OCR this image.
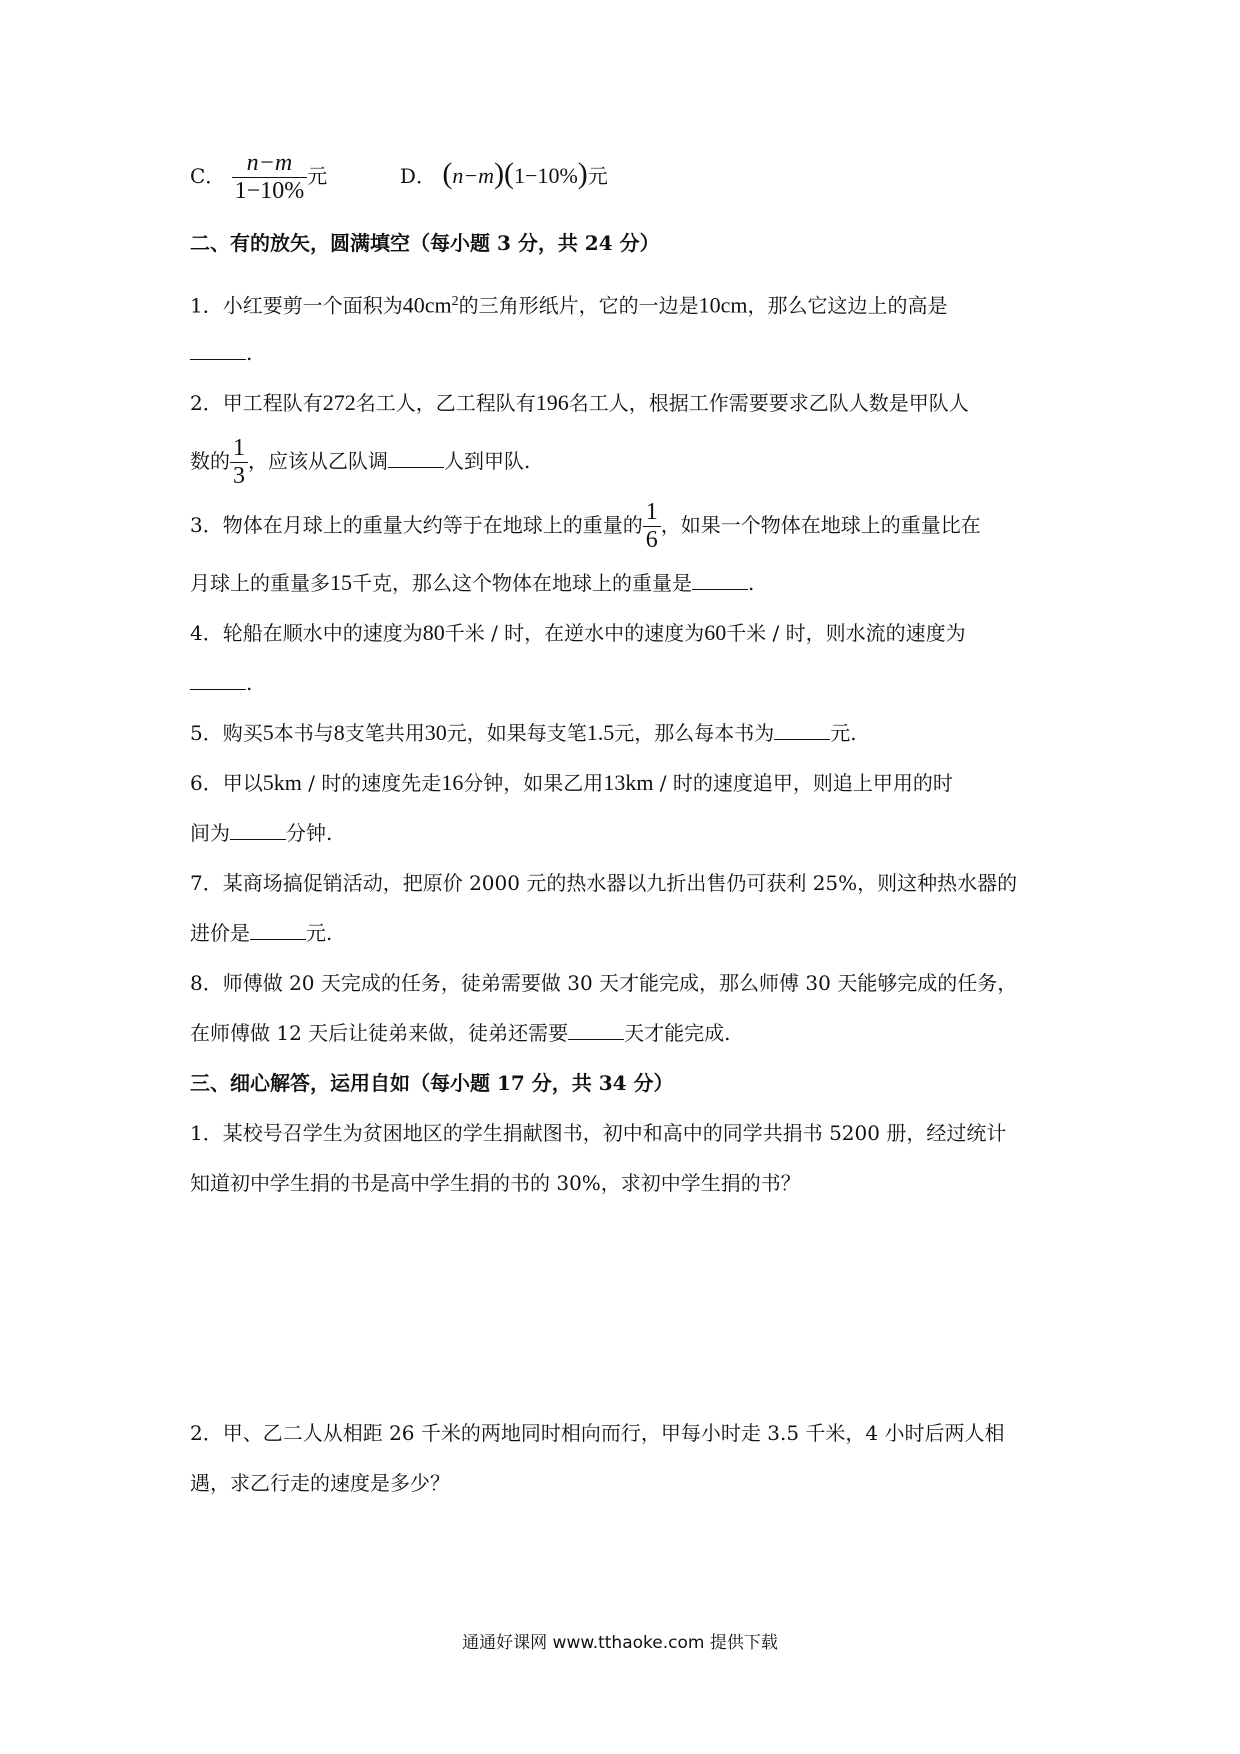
C． $\frac{n-m}{1-10\%}$ 元	D． (n−m)(1−10%)元
二、有的放矢，圆满填空（每小题 3 分，共 24 分）
1．小红要剪一个面积为$40cm^2$的三角形纸片，它的一边是10cm，那么它这边上的高是
.
2．甲工程队有272名工人，乙工程队有196名工人，根据工作需要要求乙队人数是甲队人
数的 $\frac{1}{3}$ ，应该从乙队调	人到甲队.
3．物体在月球上的重量大约等于在地球上的重量的 $\frac{1}{6}$ ，如果一个物体在地球上的重量比在
月球上的重量多15千克，那么这个物体在地球上的重量是	.
4．轮船在顺水中的速度为80千米 / 时，在逆水中的速度为60千米 / 时，则水流的速度为
.
5．购买5本书与8支笔共用30元，如果每支笔1.5元，那么每本书为	元.
6．甲以5km / 时的速度先走16分钟，如果乙用13km / 时的速度追甲，则追上甲用的时
间为	分钟.
7．某商场搞促销活动，把原价 2000 元的热水器以九折出售仍可获利 25%，则这种热水器的
进价是	元.
8．师傅做 20 天完成的任务，徒弟需要做 30 天才能完成，那么师傅 30 天能够完成的任务，
在师傅做 12 天后让徒弟来做，徒弟还需要	天才能完成.
三、细心解答，运用自如（每小题 17 分，共 34 分）
1．某校号召学生为贫困地区的学生捐献图书，初中和高中的同学共捐书 5200 册，经过统计
知道初中学生捐的书是高中学生捐的书的 30%，求初中学生捐的书？
2．甲、乙二人从相距 26 千米的两地同时相向而行，甲每小时走 3.5 千米，4 小时后两人相
遇，求乙行走的速度是多少？
通通好课网 www.tthaoke.com 提供下载
